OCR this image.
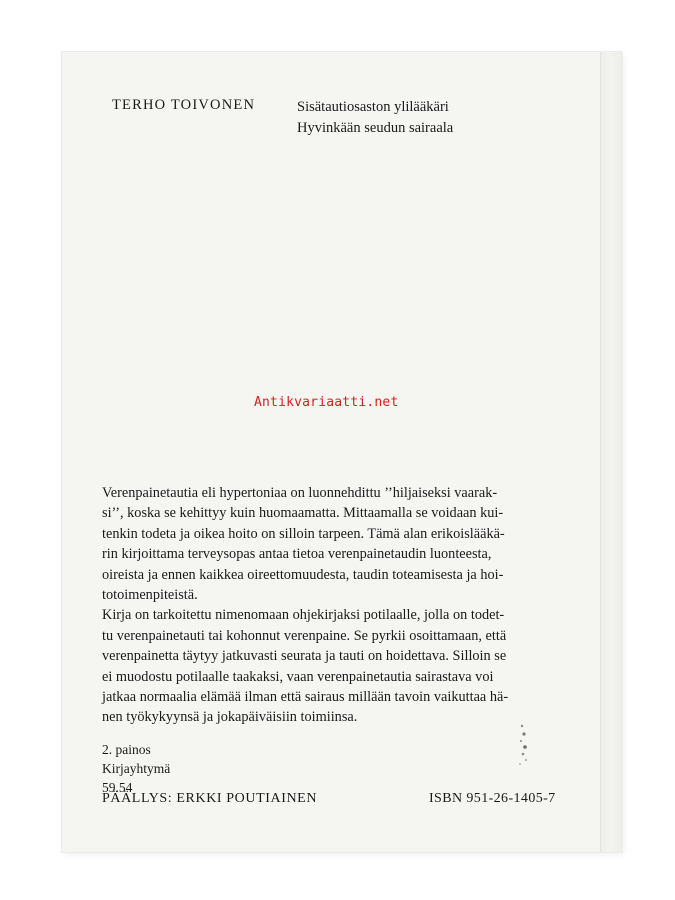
TERHO TOIVONEN	Sisätautiosaston ylilääkäri
Hyvinkään seudun sairaala
Antikvariaatti.net
Verenpainetautia eli hypertoniaa on luonnehdittu ’’hiljaiseksi vaarak-
si’’, koska se kehittyy kuin huomaamatta. Mittaamalla se voidaan kui-
tenkin todeta ja oikea hoito on silloin tarpeen. Tämä alan erikoislääkä-
rin kirjoittama terveysopas antaa tietoa verenpainetaudin luonteesta,
oireista ja ennen kaikkea oireettomuudesta, taudin toteamisesta ja hoi-
totoimenpiteistä.
Kirja on tarkoitettu nimenomaan ohjekirjaksi potilaalle, jolla on todet-
tu verenpainetauti tai kohonnut verenpaine. Se pyrkii osoittamaan, että
verenpainetta täytyy jatkuvasti seurata ja tauti on hoidettava. Silloin se
ei muodostu potilaalle taakaksi, vaan verenpainetautia sairastava voi
jatkaa normaalia elämää ilman että sairaus millään tavoin vaikuttaa hä-
nen työkykyynsä ja jokapäiväisiin toimiinsa.
2. painos
Kirjayhtymä
59.54
PÄÄLLYS: ERKKI POUTIAINEN	ISBN 951-26-1405-7
